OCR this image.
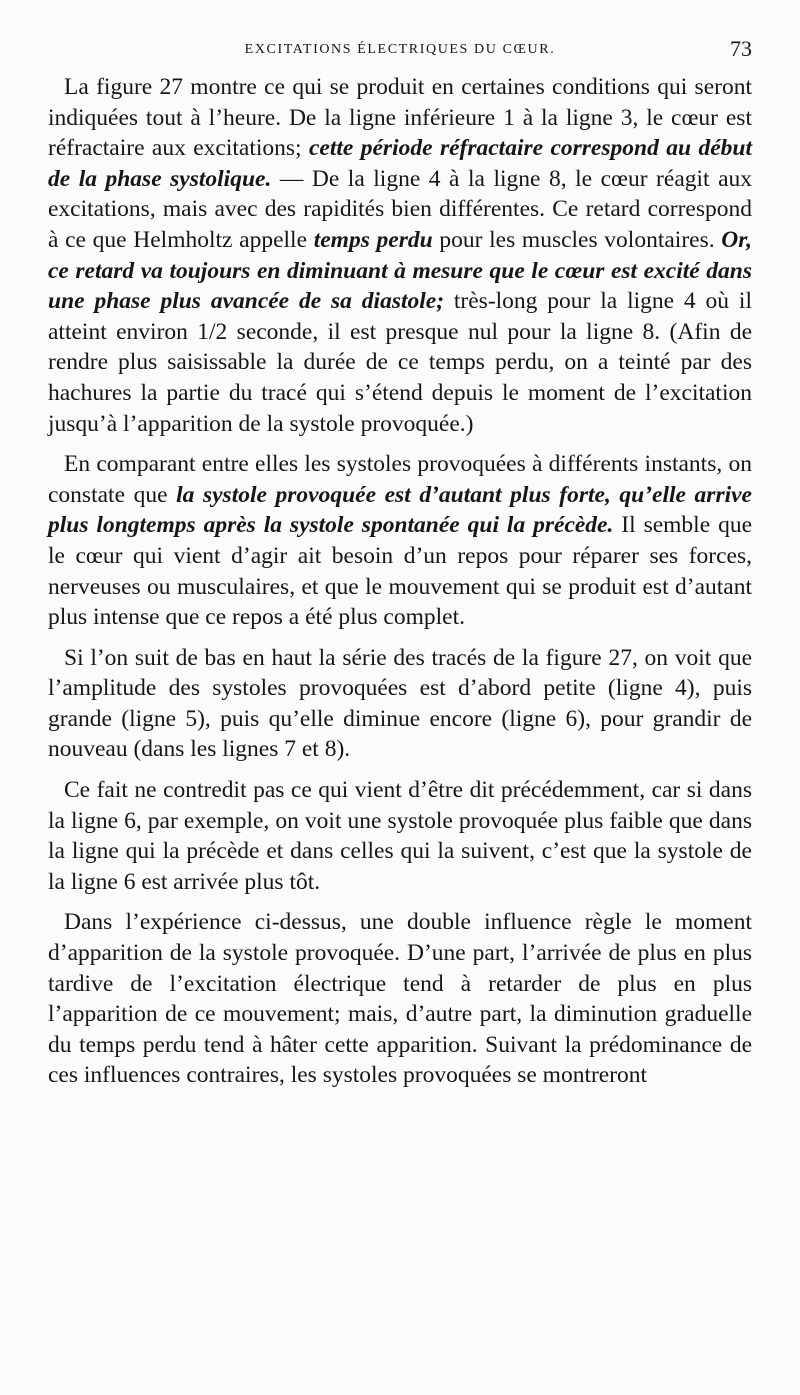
EXCITATIONS ÉLECTRIQUES DU CŒUR.	73

La figure 27 montre ce qui se produit en certaines conditions qui seront indiquées tout à l’heure. De la ligne inférieure 1 à la ligne 3, le cœur est réfractaire aux excitations; cette période réfractaire correspond au début de la phase systolique. — De la ligne 4 à la ligne 8, le cœur réagit aux excitations, mais avec des rapidités bien différentes. Ce retard correspond à ce que Helmholtz appelle temps perdu pour les muscles volontaires. Or, ce retard va toujours en diminuant à mesure que le cœur est excité dans une phase plus avancée de sa diastole; très-long pour la ligne 4 où il atteint environ 1/2 seconde, il est presque nul pour la ligne 8. (Afin de rendre plus saisissable la durée de ce temps perdu, on a teinté par des hachures la partie du tracé qui s’étend depuis le moment de l’excitation jusqu’à l’apparition de la systole provoquée.)

En comparant entre elles les systoles provoquées à différents instants, on constate que la systole provoquée est d’autant plus forte, qu’elle arrive plus longtemps après la systole spontanée qui la précède. Il semble que le cœur qui vient d’agir ait besoin d’un repos pour réparer ses forces, nerveuses ou musculaires, et que le mouvement qui se produit est d’autant plus intense que ce repos a été plus complet.

Si l’on suit de bas en haut la série des tracés de la figure 27, on voit que l’amplitude des systoles provoquées est d’abord petite (ligne 4), puis grande (ligne 5), puis qu’elle diminue encore (ligne 6), pour grandir de nouveau (dans les lignes 7 et 8).

Ce fait ne contredit pas ce qui vient d’être dit précédemment, car si dans la ligne 6, par exemple, on voit une systole provoquée plus faible que dans la ligne qui la précède et dans celles qui la suivent, c’est que la systole de la ligne 6 est arrivée plus tôt.

Dans l’expérience ci-dessus, une double influence règle le moment d’apparition de la systole provoquée. D’une part, l’arrivée de plus en plus tardive de l’excitation électrique tend à retarder de plus en plus l’apparition de ce mouvement; mais, d’autre part, la diminution graduelle du temps perdu tend à hâter cette apparition. Suivant la prédominance de ces influences contraires, les systoles provoquées se montreront
